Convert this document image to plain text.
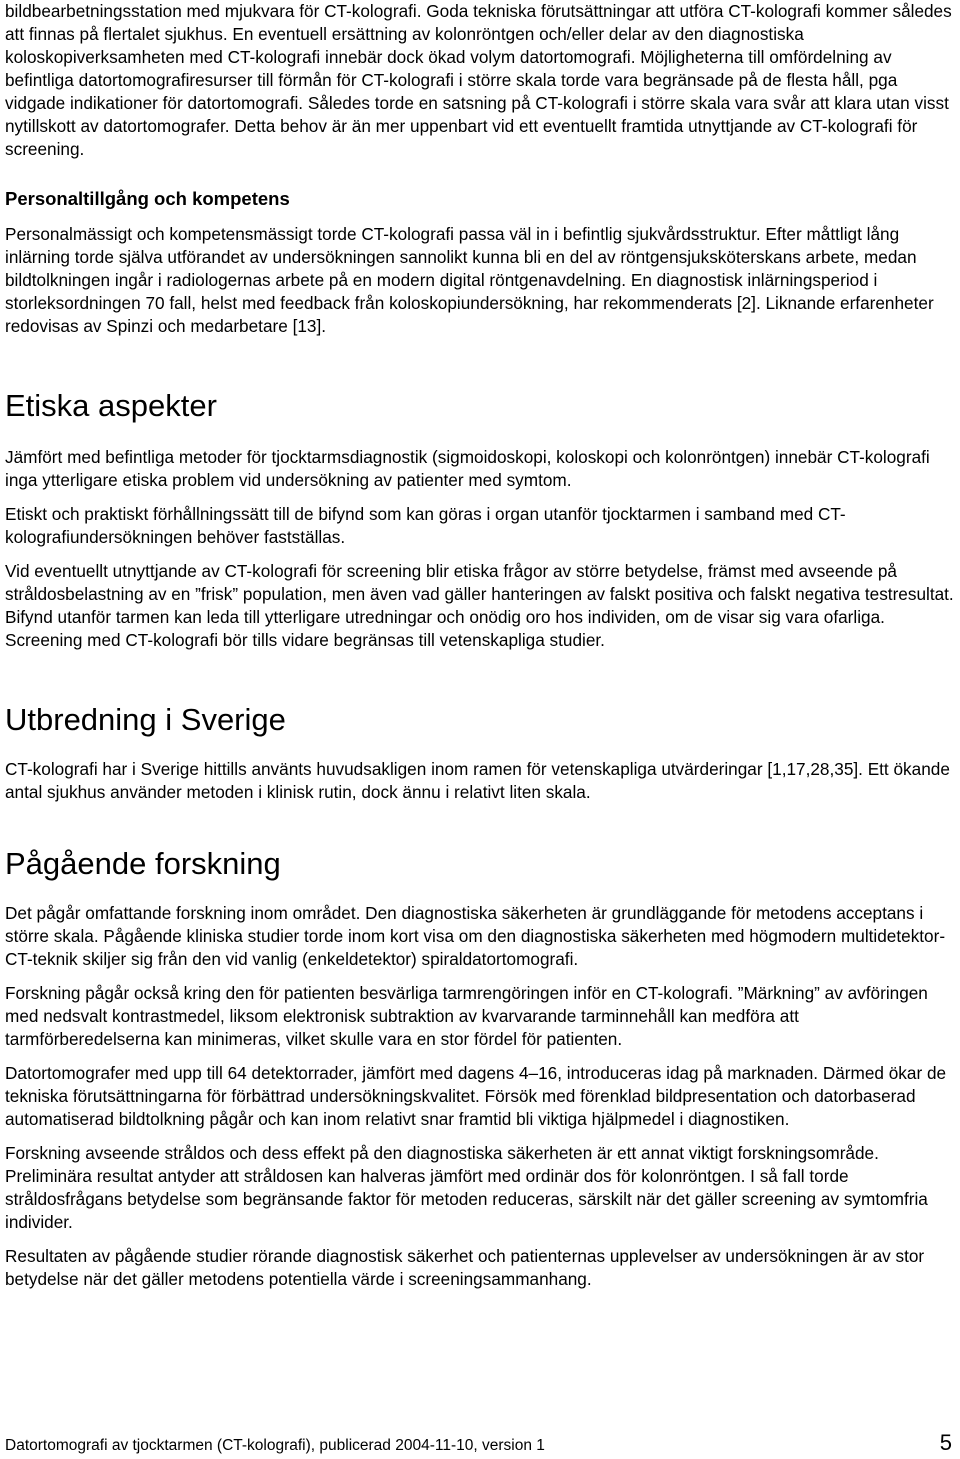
bildbearbetningsstation med mjukvara för CT-kolografi. Goda tekniska förutsättningar att utföra CT-kolografi kommer således att finnas på flertalet sjukhus. En eventuell ersättning av kolonröntgen och/eller delar av den diagnostiska koloskopiverksamheten med CT-kolografi innebär dock ökad volym datortomografi. Möjligheterna till omfördelning av befintliga datortomografiresurser till förmån för CT-kolografi i större skala torde vara begränsade på de flesta håll, pga vidgade indikationer för datortomografi. Således torde en satsning på CT-kolografi i större skala vara svår att klara utan visst nytillskott av datortomografer. Detta behov är än mer uppenbart vid ett eventuellt framtida utnyttjande av CT-kolografi för screening.

Personaltillgång och kompetens

Personalmässigt och kompetensmässigt torde CT-kolografi passa väl in i befintlig sjukvårdsstruktur. Efter måttligt lång inlärning torde själva utförandet av undersökningen sannolikt kunna bli en del av röntgensjuksköterskans arbete, medan bildtolkningen ingår i radiologernas arbete på en modern digital röntgenavdelning. En diagnostisk inlärningsperiod i storleksordningen 70 fall, helst med feedback från koloskopiundersökning, har rekommenderats [2]. Liknande erfarenheter redovisas av Spinzi och medarbetare [13].

Etiska aspekter

Jämfört med befintliga metoder för tjocktarmsdiagnostik (sigmoidoskopi, koloskopi och kolonröntgen) innebär CT-kolografi inga ytterligare etiska problem vid undersökning av patienter med symtom.

Etiskt och praktiskt förhållningssätt till de bifynd som kan göras i organ utanför tjocktarmen i samband med CT-kolografiundersökningen behöver fastställas.

Vid eventuellt utnyttjande av CT-kolografi för screening blir etiska frågor av större betydelse, främst med avseende på stråldosbelastning av en ”frisk” population, men även vad gäller hanteringen av falskt positiva och falskt negativa testresultat. Bifynd utanför tarmen kan leda till ytterligare utredningar och onödig oro hos individen, om de visar sig vara ofarliga. Screening med CT-kolografi bör tills vidare begränsas till vetenskapliga studier.

Utbredning i Sverige

CT-kolografi har i Sverige hittills använts huvudsakligen inom ramen för vetenskapliga utvärderingar [1,17,28,35]. Ett ökande antal sjukhus använder metoden i klinisk rutin, dock ännu i relativt liten skala.

Pågående forskning

Det pågår omfattande forskning inom området. Den diagnostiska säkerheten är grundläggande för metodens acceptans i större skala. Pågående kliniska studier torde inom kort visa om den diagnostiska säkerheten med högmodern multidetektor-CT-teknik skiljer sig från den vid vanlig (enkeldetektor) spiraldatortomografi.

Forskning pågår också kring den för patienten besvärliga tarmrengöringen inför en CT-kolografi. ”Märkning” av avföringen med nedsvalt kontrastmedel, liksom elektronisk subtraktion av kvarvarande tarminnehåll kan medföra att tarmförberedelserna kan minimeras, vilket skulle vara en stor fördel för patienten.

Datortomografer med upp till 64 detektorrader, jämfört med dagens 4–16, introduceras idag på marknaden. Därmed ökar de tekniska förutsättningarna för förbättrad undersökningskvalitet. Försök med förenklad bildpresentation och datorbaserad automatiserad bildtolkning pågår och kan inom relativt snar framtid bli viktiga hjälpmedel i diagnostiken.

Forskning avseende stråldos och dess effekt på den diagnostiska säkerheten är ett annat viktigt forskningsområde. Preliminära resultat antyder att stråldosen kan halveras jämfört med ordinär dos för kolonröntgen. I så fall torde stråldosfrågans betydelse som begränsande faktor för metoden reduceras, särskilt när det gäller screening av symtomfria individer.

Resultaten av pågående studier rörande diagnostisk säkerhet och patienternas upplevelser av undersökningen är av stor betydelse när det gäller metodens potentiella värde i screeningsammanhang.

Datortomografi av tjocktarmen (CT-kolografi), publicerad 2004-11-10, version 1	5
